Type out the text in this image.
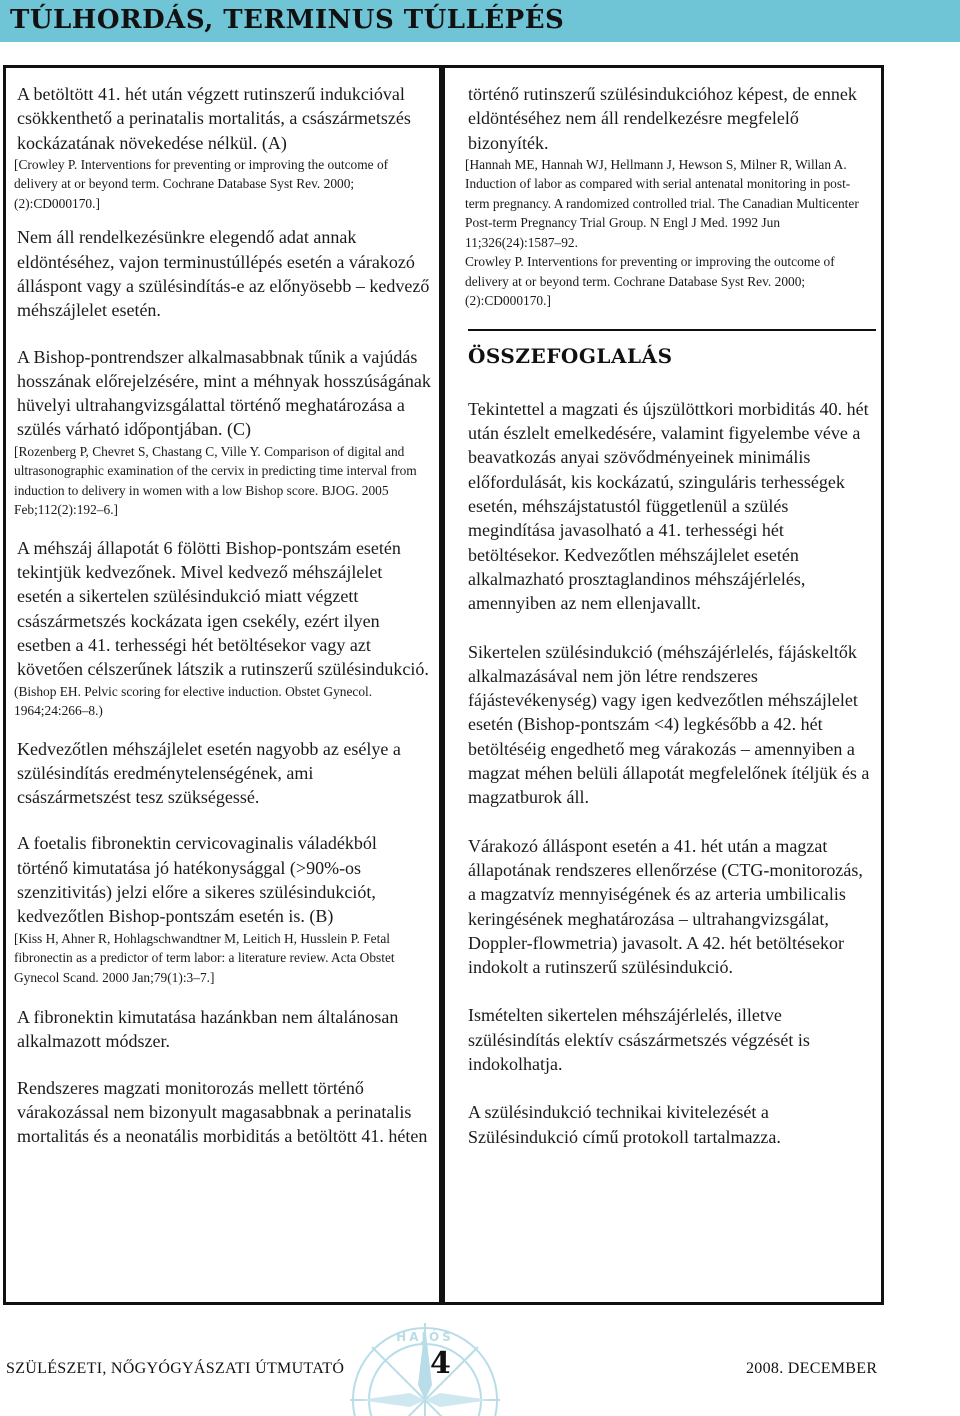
TÚLHORDÁS, TERMINUS TÚLLÉPÉS

A betöltött 41. hét után végzett rutinszerű indukcióval csökkenthető a perinatalis mortalitás, a császármetszés kockázatának növekedése nélkül. (A)

[Crowley P. Interventions for preventing or improving the outcome of delivery at or beyond term. Cochrane Database Syst Rev. 2000;(2):CD000170.]

Nem áll rendelkezésünkre elegendő adat annak eldöntéséhez, vajon terminustúllépés esetén a várakozó álláspont vagy a szülésindítás-e az előnyösebb – kedvező méhszájlelet esetén.

A Bishop-pontrendszer alkalmasabbnak tűnik a vajúdás hosszának előrejelzésére, mint a méhnyak hosszúságának hüvelyi ultrahangvizsgálattal történő meghatározása a szülés várható időpontjában. (C)

[Rozenberg P, Chevret S, Chastang C, Ville Y. Comparison of digital and ultrasonographic examination of the cervix in predicting time interval from induction to delivery in women with a low Bishop score. BJOG. 2005 Feb;112(2):192–6.]

A méhszáj állapotát 6 fölötti Bishop-pontszám esetén tekintjük kedvezőnek. Mivel kedvező méhszájlelet esetén a sikertelen szülésindukció miatt végzett császármetszés kockázata igen csekély, ezért ilyen esetben a 41. terhességi hét betöltésekor vagy azt követően célszerűnek látszik a rutinszerű szülésindukció.

(Bishop EH. Pelvic scoring for elective induction. Obstet Gynecol. 1964;24:266–8.)

Kedvezőtlen méhszájlelet esetén nagyobb az esélye a szülésindítás eredménytelenségének, ami császármetszést tesz szükségessé.

A foetalis fibronektin cervicovaginalis váladékból történő kimutatása jó hatékonysággal (>90%-os szenzitivitás) jelzi előre a sikeres szülésindukciót, kedvezőtlen Bishop-pontszám esetén is. (B)

[Kiss H, Ahner R, Hohlagschwandtner M, Leitich H, Husslein P. Fetal fibronectin as a predictor of term labor: a literature review. Acta Obstet Gynecol Scand. 2000 Jan;79(1):3–7.]

A fibronektin kimutatása hazánkban nem általánosan alkalmazott módszer.

Rendszeres magzati monitorozás mellett történő várakozással nem bizonyult magasabbnak a perinatalis mortalitás és a neonatális morbiditás a betöltött 41. héten

történő rutinszerű szülésindukcióhoz képest, de ennek eldöntéséhez nem áll rendelkezésre megfelelő bizonyíték.

[Hannah ME, Hannah WJ, Hellmann J, Hewson S, Milner R, Willan A. Induction of labor as compared with serial antenatal monitoring in post-term pregnancy. A randomized controlled trial. The Canadian Multicenter Post-term Pregnancy Trial Group. N Engl J Med. 1992 Jun 11;326(24):1587–92.

Crowley P. Interventions for preventing or improving the outcome of delivery at or beyond term. Cochrane Database Syst Rev. 2000;(2):CD000170.]

ÖSSZEFOGLALÁS

Tekintettel a magzati és újszülöttkori morbiditás 40. hét után észlelt emelkedésére, valamint figyelembe véve a beavatkozás anyai szövődményeinek minimális előfordulását, kis kockázatú, szinguláris terhességek esetén, méhszájstatustól függetlenül a szülés megindítása javasolható a 41. terhességi hét betöltésekor. Kedvezőtlen méhszájlelet esetén alkalmazható prosztaglandinos méhszájérlelés, amennyiben az nem ellenjavallt.

Sikertelen szülésindukció (méhszájérlelés, fájáskeltők alkalmazásával nem jön létre rendszeres fájástevékenység) vagy igen kedvezőtlen méhszájlelet esetén (Bishop-pontszám <4) legkésőbb a 42. hét betöltéséig engedhető meg várakozás – amennyiben a magzat méhen belüli állapotát megfelelőnek ítéljük és a magzatburok áll.

Várakozó álláspont esetén a 41. hét után a magzat állapotának rendszeres ellenőrzése (CTG-monitorozás, a magzatvíz mennyiségének és az arteria umbilicalis keringésének meghatározása – ultrahangvizsgálat, Doppler-flowmetria) javasolt. A 42. hét betöltésekor indokolt a rutinszerű szülésindukció.

Ismételten sikertelen méhszájérlelés, illetve szülésindítás elektív császármetszés végzését is indokolhatja.

A szülésindukció technikai kivitelezését a Szülésindukció című protokoll tartalmazza.

HAJÓS
4
SZÜLÉSZETI, NŐGYÓGYÁSZATI ÚTMUTATÓ	2008. DECEMBER
